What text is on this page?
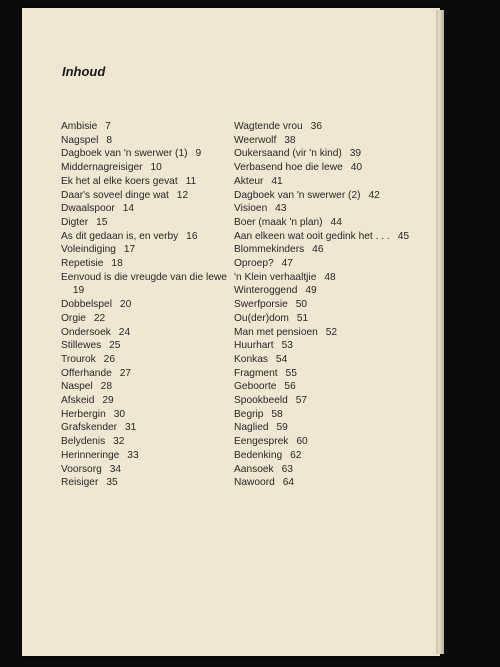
Inhoud
Ambisie  7
Nagspel  8
Dagboek van 'n swerwer (1)  9
Middernagreisiger  10
Ek het al elke koers gevat  11
Daar's soveel dinge wat  12
Dwaalspoor  14
Digter  15
As dit gedaan is, en verby  16
Voleindiging  17
Repetisie  18
Eenvoud is die vreugde van die lewe  19
Dobbelspel  20
Orgie  22
Ondersoek  24
Stillewes  25
Trourok  26
Offerhande  27
Naspel  28
Afskeid  29
Herbergin  30
Grafskender  31
Belydenis  32
Herinneringe  33
Voorsorg  34
Reisiger  35
Wagtende vrou  36
Weerwolf  38
Oukersaand (vir 'n kind)  39
Verbasend hoe die lewe  40
Akteur  41
Dagboek van 'n swerwer (2)  42
Visioen  43
Boer (maak 'n plan)  44
Aan elkeen wat ooit gedink het . . .  45
Blommekinders  46
Oproep?  47
'n Klein verhaaltjie  48
Winteroggend  49
Swerfporsie  50
Ou(der)dom  51
Man met pensioen  52
Huurhart  53
Konkas  54
Fragment  55
Geboorte  56
Spookbeeld  57
Begrip  58
Naglied  59
Eengesprek  60
Bedenking  62
Aansoek  63
Nawoord  64
